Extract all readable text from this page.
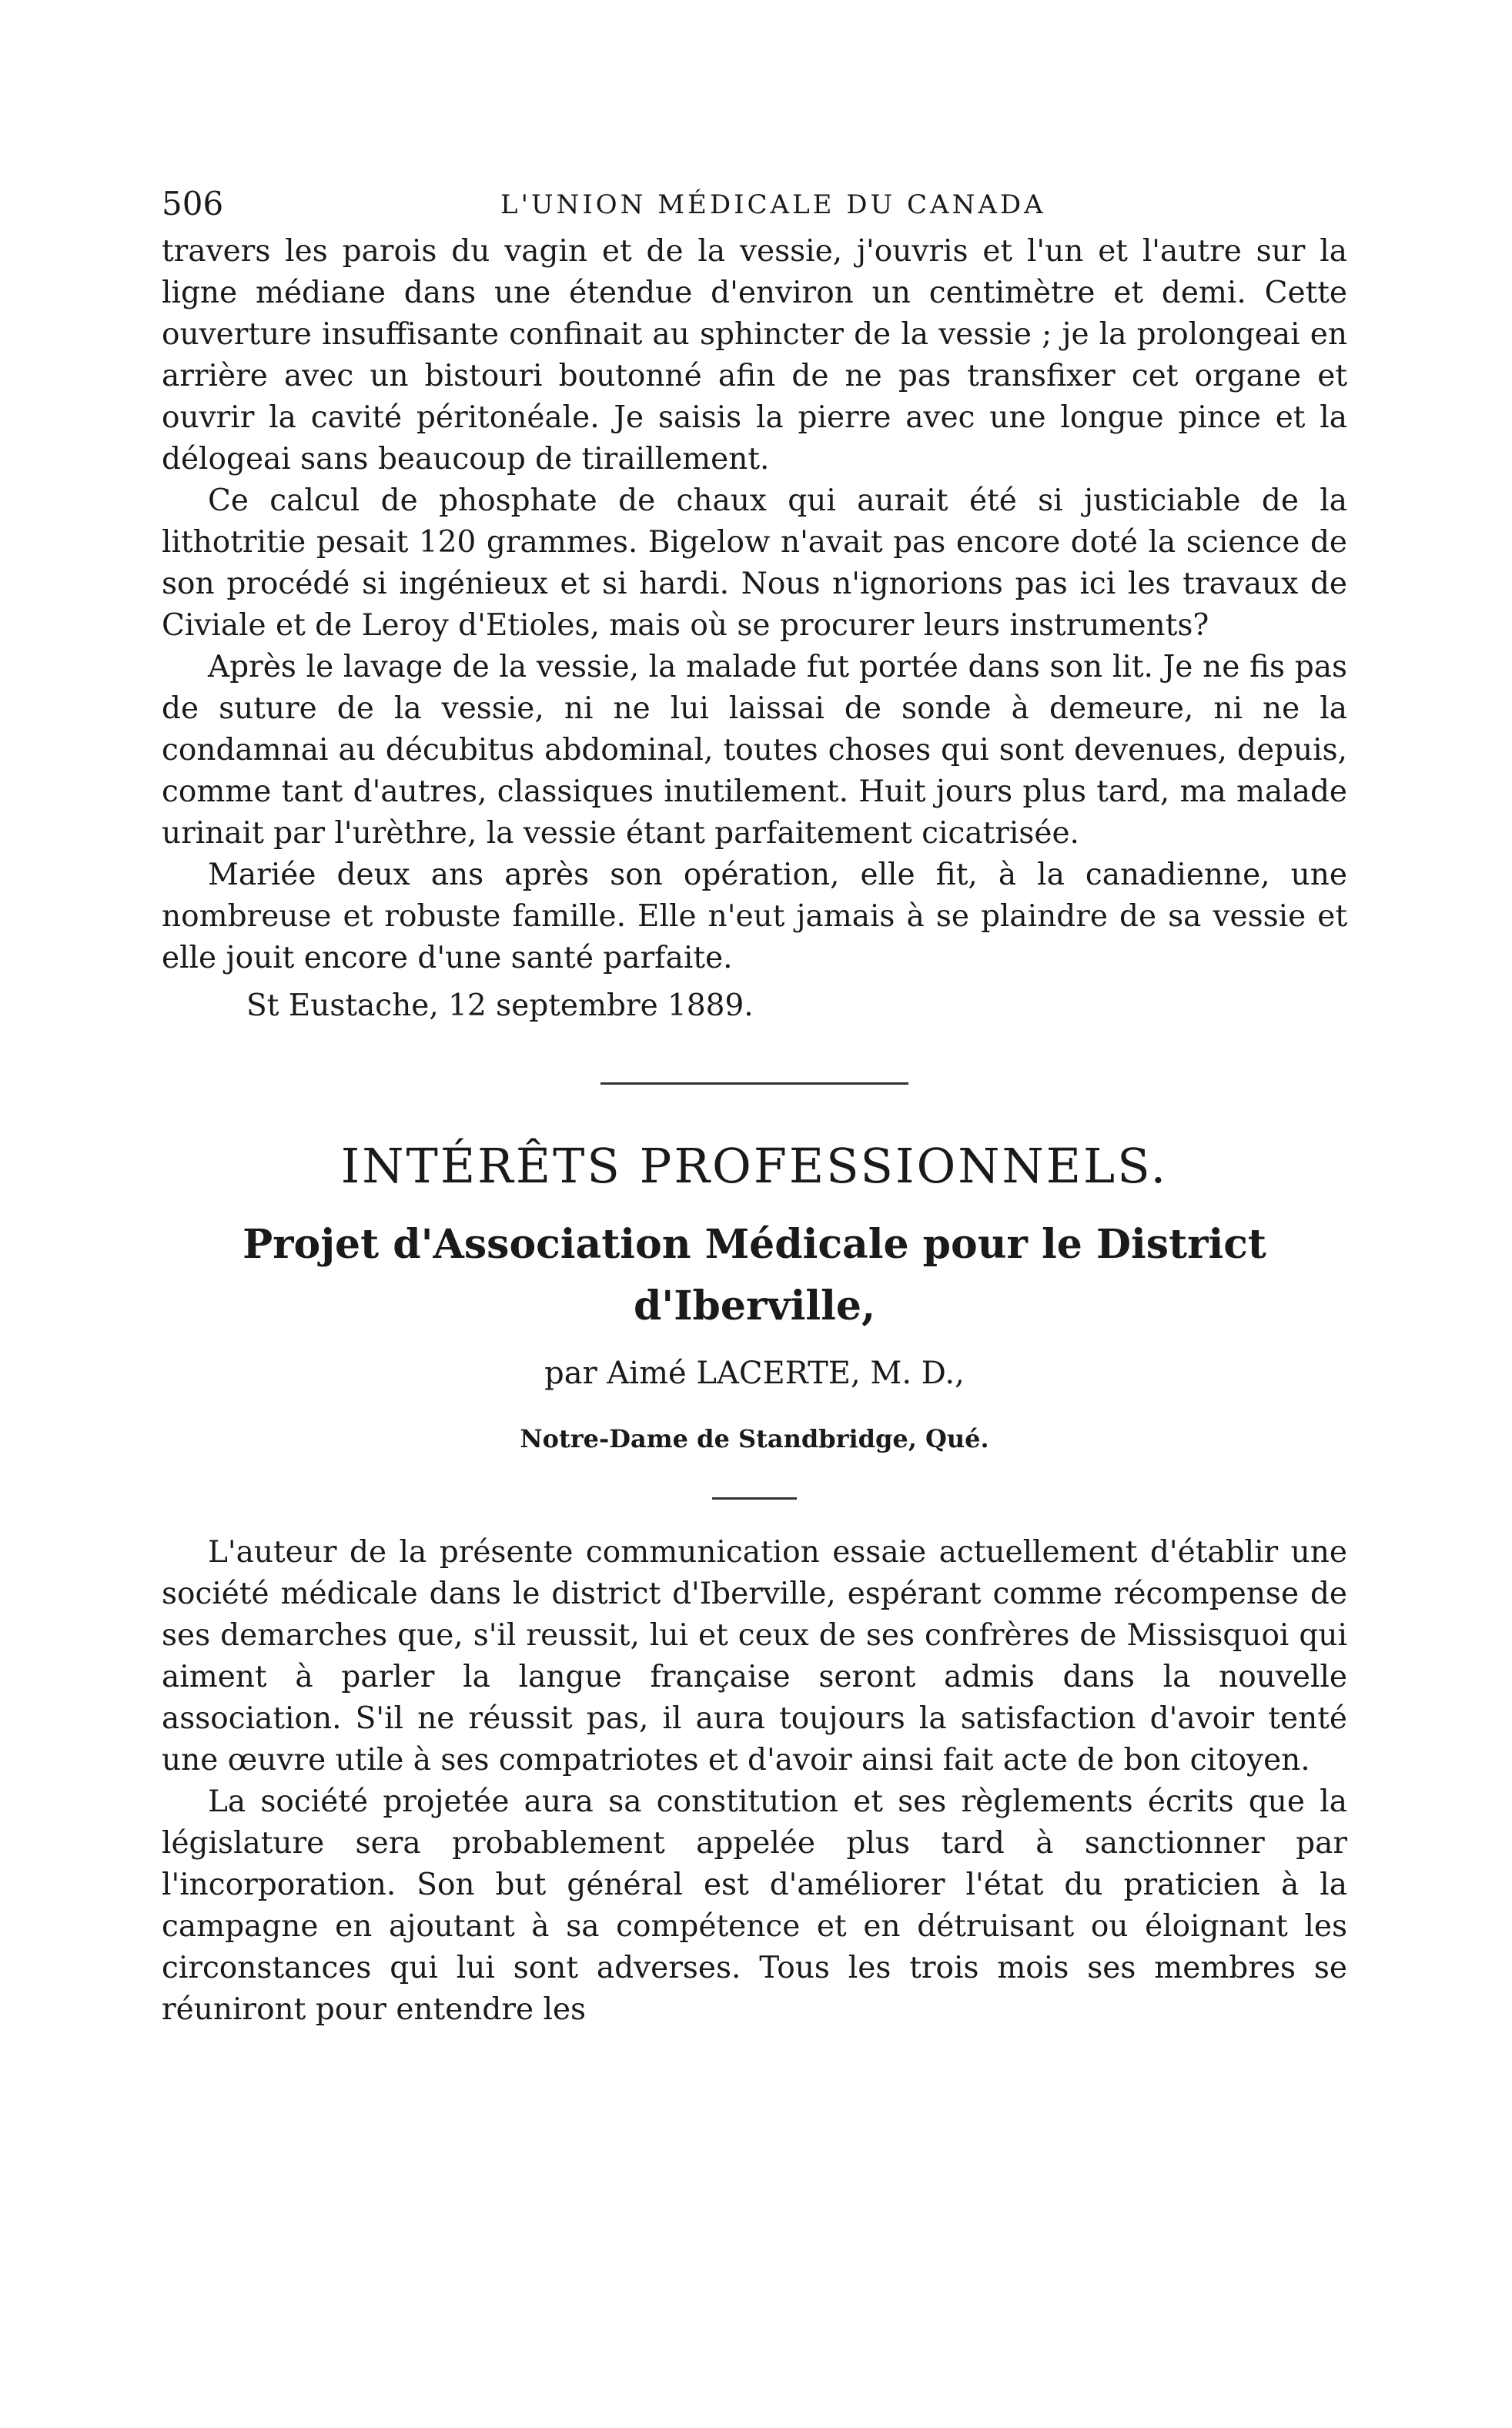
506	L'UNION MÉDICALE DU CANADA

travers les parois du vagin et de la vessie, j'ouvris et l'un et l'autre sur la ligne médiane dans une étendue d'environ un centimètre et demi. Cette ouverture insuffisante confinait au sphincter de la vessie ; je la prolongeai en arrière avec un bistouri boutonné afin de ne pas transfixer cet organe et ouvrir la cavité péritonéale. Je saisis la pierre avec une longue pince et la délogeai sans beaucoup de tiraillement.

Ce calcul de phosphate de chaux qui aurait été si justiciable de la lithotritie pesait 120 grammes. Bigelow n'avait pas encore doté la science de son procédé si ingénieux et si hardi. Nous n'ignorions pas ici les travaux de Civiale et de Leroy d'Etioles, mais où se procurer leurs instruments?

Après le lavage de la vessie, la malade fut portée dans son lit. Je ne fis pas de suture de la vessie, ni ne lui laissai de sonde à demeure, ni ne la condamnai au décubitus abdominal, toutes choses qui sont devenues, depuis, comme tant d'autres, classiques inutilement. Huit jours plus tard, ma malade urinait par l'urèthre, la vessie étant parfaitement cicatrisée.

Mariée deux ans après son opération, elle fit, à la canadienne, une nombreuse et robuste famille. Elle n'eut jamais à se plaindre de sa vessie et elle jouit encore d'une santé parfaite.

St Eustache, 12 septembre 1889.
INTÉRÊTS PROFESSIONNELS.
Projet d'Association Médicale pour le District d'Iberville,
par Aimé LACERTE, M. D.,
Notre-Dame de Standbridge, Qué.

L'auteur de la présente communication essaie actuellement d'établir une société médicale dans le district d'Iberville, espérant comme récompense de ses demarches que, s'il reussit, lui et ceux de ses confrères de Missisquoi qui aiment à parler la langue française seront admis dans la nouvelle association. S'il ne réussit pas, il aura toujours la satisfaction d'avoir tenté une œuvre utile à ses compatriotes et d'avoir ainsi fait acte de bon citoyen.

La société projetée aura sa constitution et ses règlements écrits que la législature sera probablement appelée plus tard à sanctionner par l'incorporation. Son but général est d'améliorer l'état du praticien à la campagne en ajoutant à sa compétence et en détruisant ou éloignant les circonstances qui lui sont adverses. Tous les trois mois ses membres se réuniront pour entendre les
